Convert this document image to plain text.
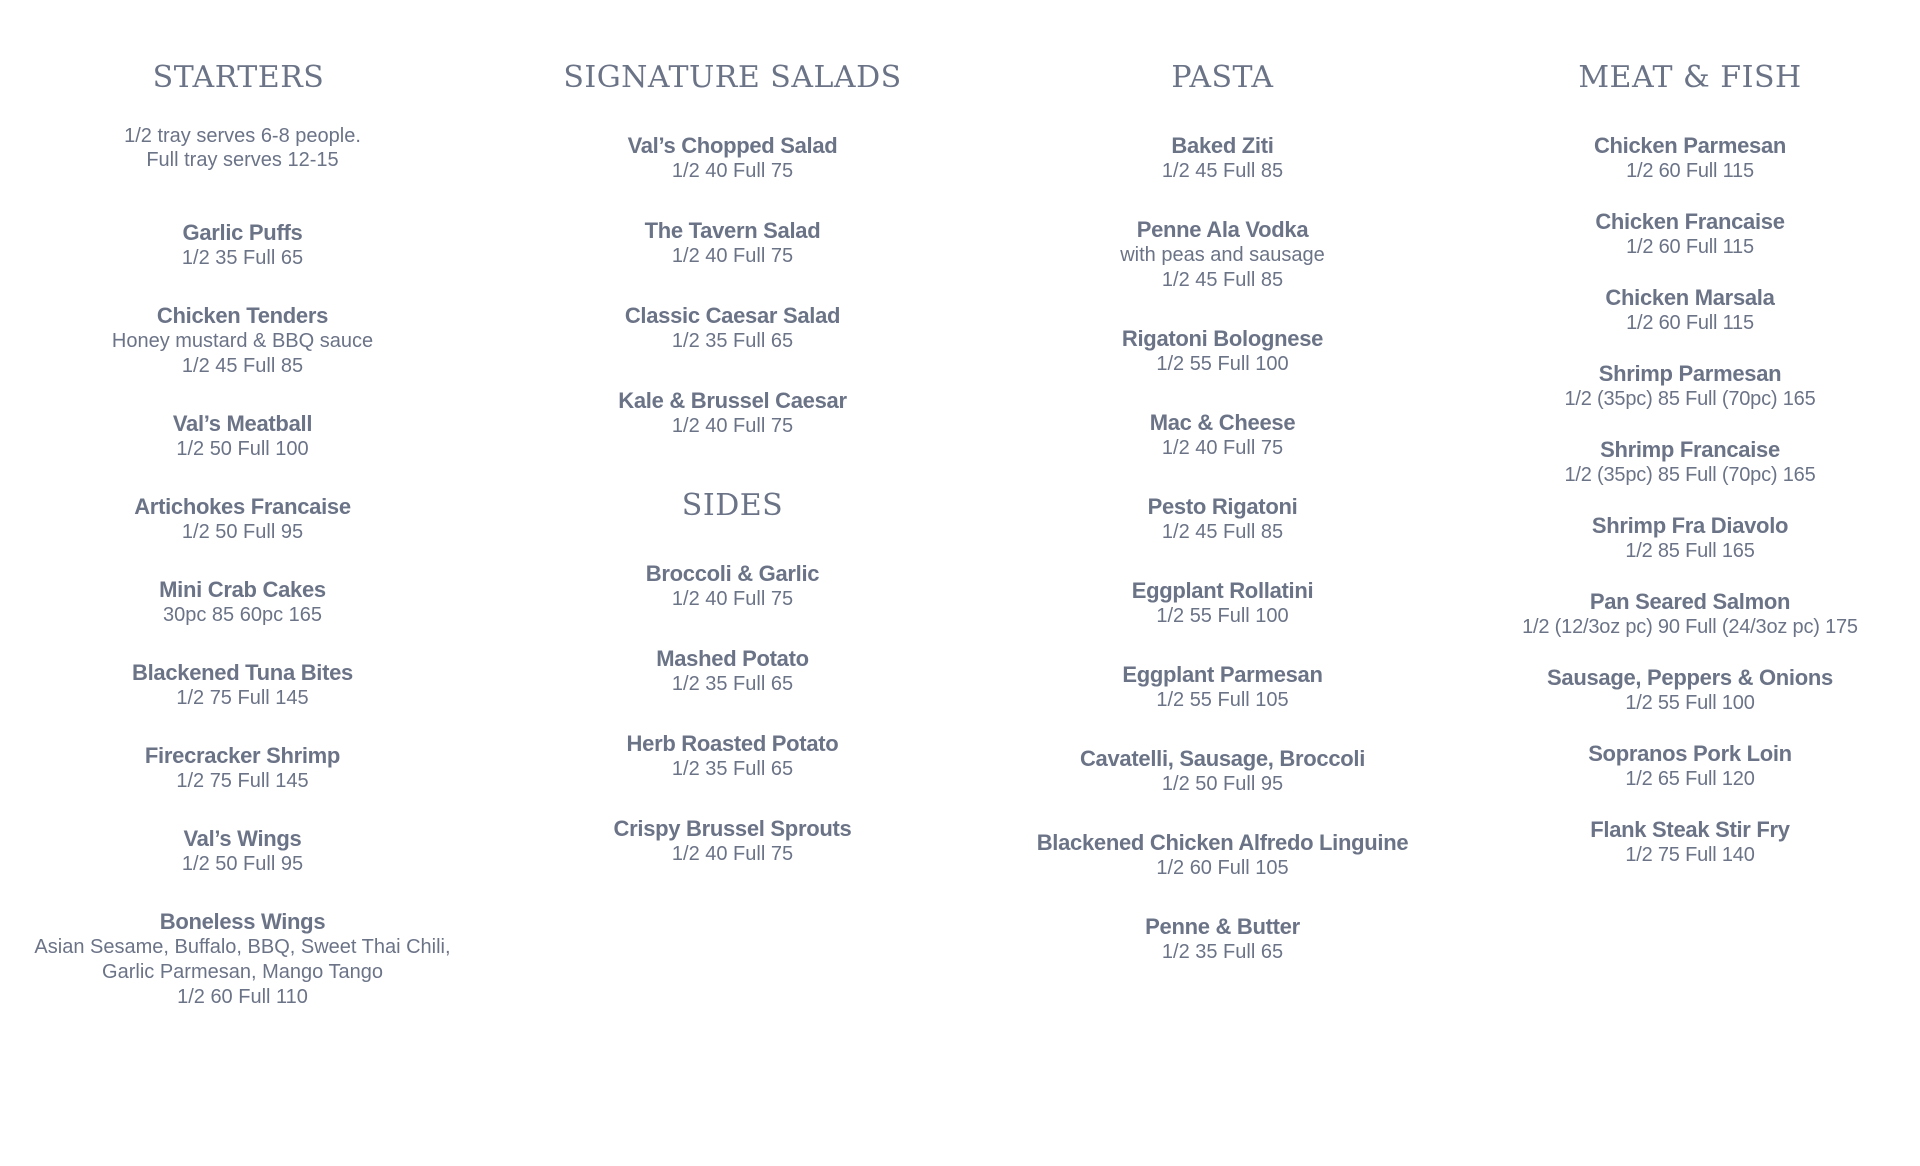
STARTERS
1/2 tray serves 6-8 people.
Full tray serves 12-15
Garlic Puffs
1/2 35 Full 65
Chicken Tenders
Honey mustard & BBQ sauce
1/2 45 Full 85
Val’s Meatball
1/2 50 Full 100
Artichokes Francaise
1/2 50 Full 95
Mini Crab Cakes
30pc 85 60pc 165
Blackened Tuna Bites
1/2 75 Full 145
Firecracker Shrimp
1/2 75 Full 145
Val’s Wings
1/2 50 Full 95
Boneless Wings
Asian Sesame, Buffalo, BBQ, Sweet Thai Chili,
Garlic Parmesan, Mango Tango
1/2 60 Full 110
SIGNATURE SALADS
Val’s Chopped Salad
1/2 40 Full 75
The Tavern Salad
1/2 40 Full 75
Classic Caesar Salad
1/2 35 Full 65
Kale & Brussel Caesar
1/2 40 Full 75
SIDES
Broccoli & Garlic
1/2 40 Full 75
Mashed Potato
1/2 35 Full 65
Herb Roasted Potato
1/2 35 Full 65
Crispy Brussel Sprouts
1/2 40 Full 75
PASTA
Baked Ziti
1/2 45 Full 85
Penne Ala Vodka
with peas and sausage
1/2 45 Full 85
Rigatoni Bolognese
1/2 55 Full 100
Mac & Cheese
1/2 40 Full 75
Pesto Rigatoni
1/2 45 Full 85
Eggplant Rollatini
1/2 55 Full 100
Eggplant Parmesan
1/2 55 Full 105
Cavatelli, Sausage, Broccoli
1/2 50 Full 95
Blackened Chicken Alfredo Linguine
1/2 60 Full 105
Penne & Butter
1/2 35 Full 65
MEAT & FISH
Chicken Parmesan
1/2 60 Full 115
Chicken Francaise
1/2 60 Full 115
Chicken Marsala
1/2 60 Full 115
Shrimp Parmesan
1/2 (35pc) 85 Full (70pc) 165
Shrimp Francaise
1/2 (35pc) 85 Full (70pc) 165
Shrimp Fra Diavolo
1/2 85 Full 165
Pan Seared Salmon
1/2 (12/3oz pc) 90 Full (24/3oz pc) 175
Sausage, Peppers & Onions
1/2 55 Full 100
Sopranos Pork Loin
1/2 65 Full 120
Flank Steak Stir Fry
1/2 75 Full 140
